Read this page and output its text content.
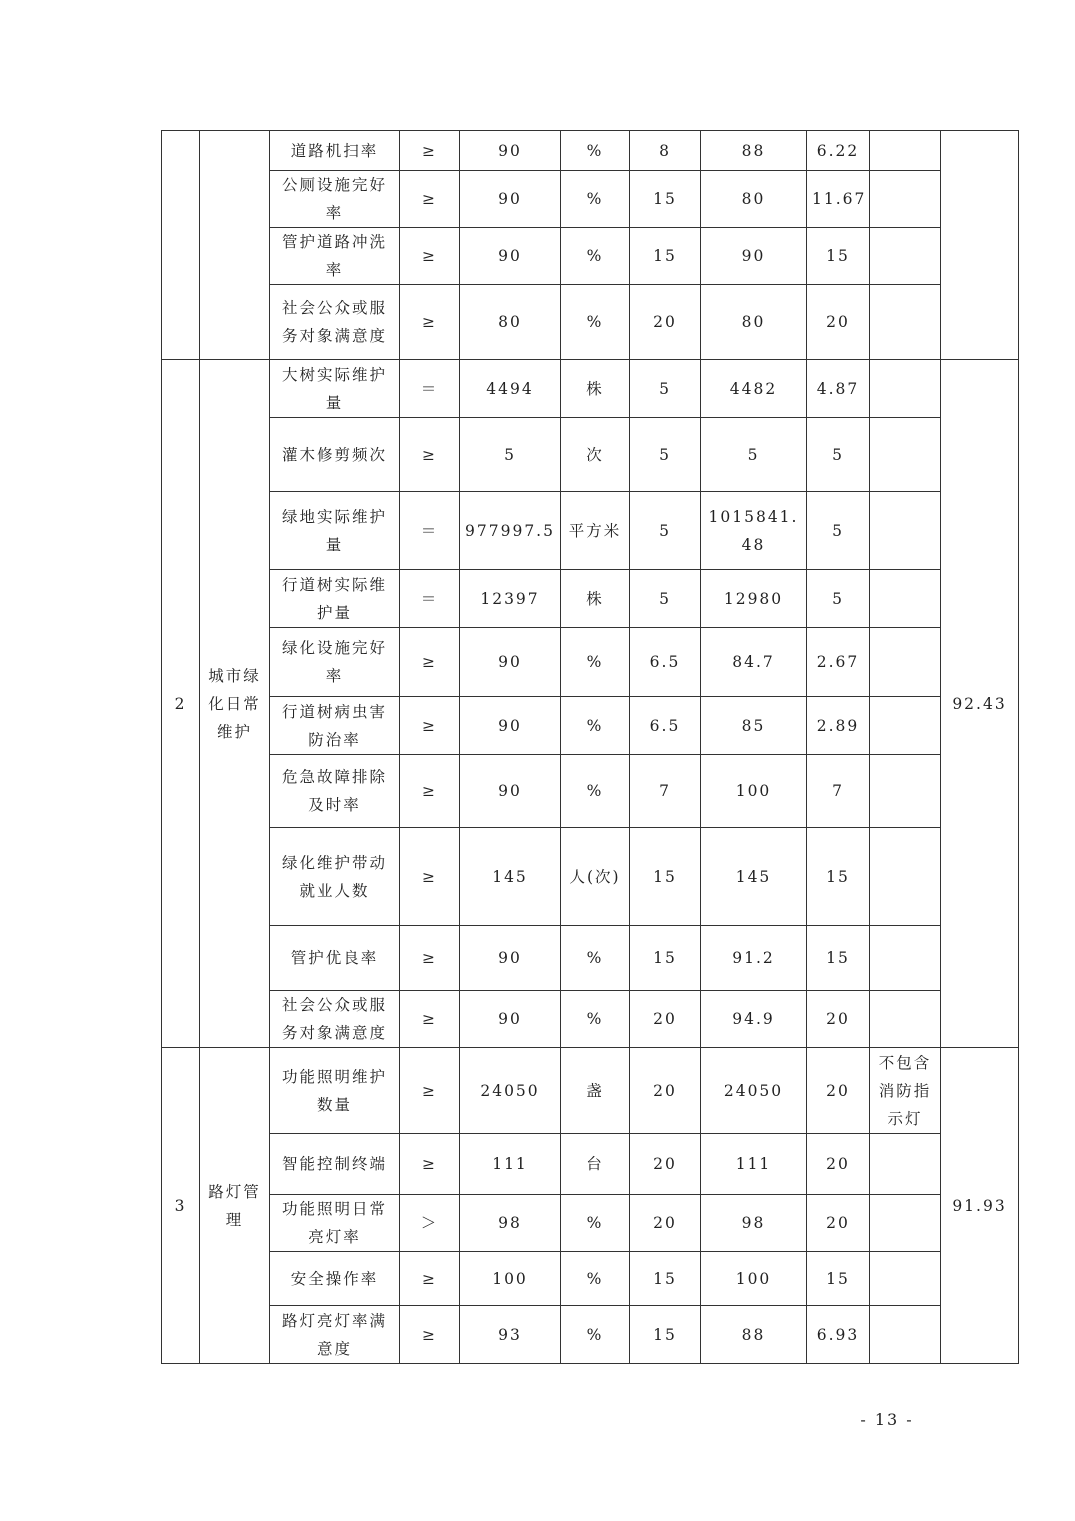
		道路机扫率	≥	90	%	8	88	6.22		
		公厕设施完好率	≥	90	%	15	80	11.67		
		管护道路冲洗率	≥	90	%	15	90	15		
		社会公众或服务对象满意度	≥	80	%	20	80	20		
2	城市绿化日常维护	大树实际维护量	＝	4494	株	5	4482	4.87		92.43
		灌木修剪频次	≥	5	次	5	5	5		
		绿地实际维护量	＝	977997.5	平方米	5	1015841.48	5		
		行道树实际维护量	＝	12397	株	5	12980	5		
		绿化设施完好率	≥	90	%	6.5	84.7	2.67		
		行道树病虫害防治率	≥	90	%	6.5	85	2.89		
		危急故障排除及时率	≥	90	%	7	100	7		
		绿化维护带动就业人数	≥	145	人(次)	15	145	15		
		管护优良率	≥	90	%	15	91.2	15		
		社会公众或服务对象满意度	≥	90	%	20	94.9	20		
3	路灯管理	功能照明维护数量	≥	24050	盏	20	24050	20	不包含消防指示灯	91.93
		智能控制终端	≥	111	台	20	111	20		
		功能照明日常亮灯率	＞	98	%	20	98	20		
		安全操作率	≥	100	%	15	100	15		
		路灯亮灯率满意度	≥	93	%	15	88	6.93		
- 13 -
